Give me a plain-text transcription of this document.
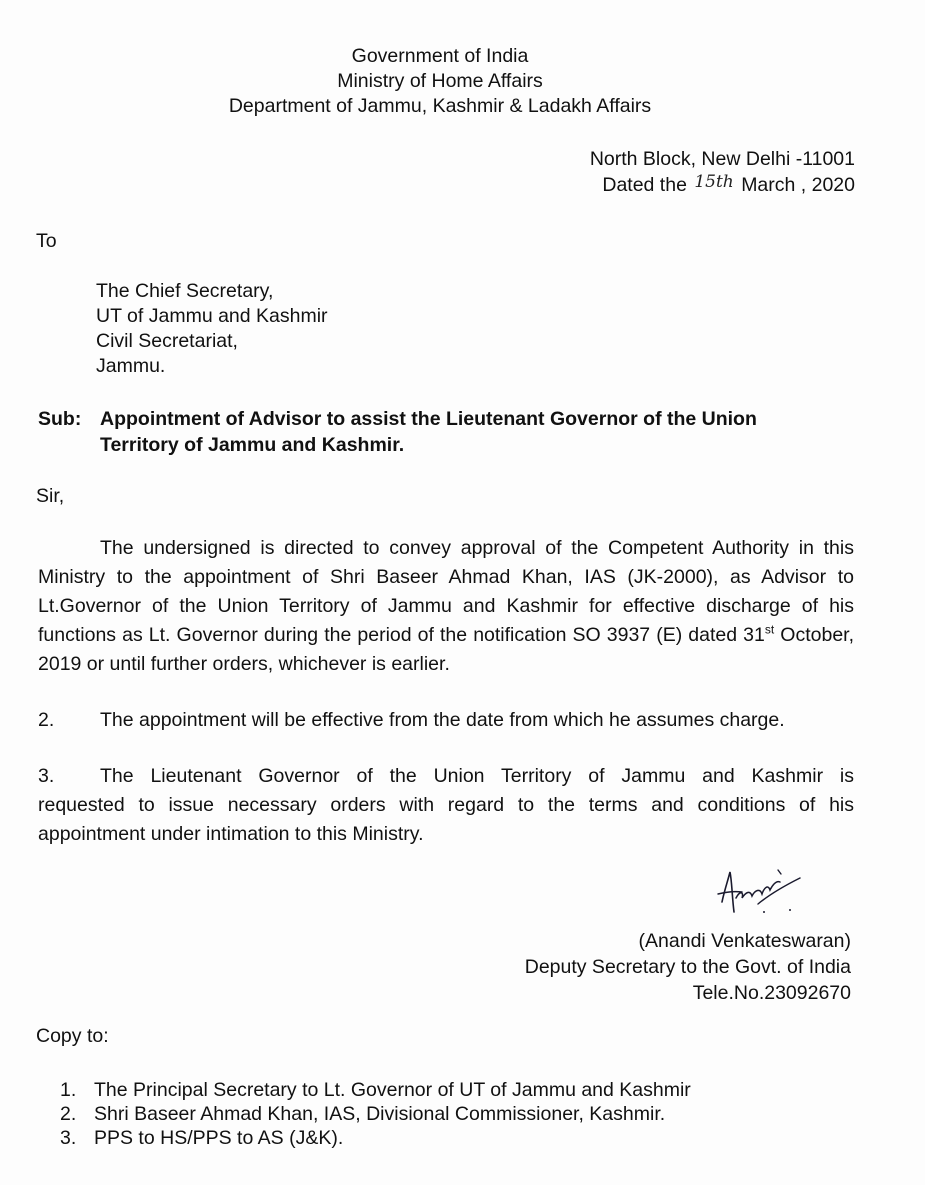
Government of India
Ministry of Home Affairs
Department of Jammu, Kashmir & Ladakh Affairs
North Block, New Delhi -11001
Dated the 15th March , 2020
To
The Chief Secretary,
UT of Jammu and Kashmir
Civil Secretariat,
Jammu.
Sub: Appointment of Advisor to assist the Lieutenant Governor of the Union
Territory of Jammu and Kashmir.
Sir,
The undersigned is directed to convey approval of the Competent Authority in this Ministry to the appointment of Shri Baseer Ahmad Khan, IAS (JK-2000), as Advisor to Lt.Governor of the Union Territory of Jammu and Kashmir for effective discharge of his functions as Lt. Governor during the period of the notification SO 3937 (E) dated 31st October, 2019 or until further orders, whichever is earlier.
2. The appointment will be effective from the date from which he assumes charge.
3. The Lieutenant Governor of the Union Territory of Jammu and Kashmir is
requested to issue necessary orders with regard to the terms and conditions of his appointment under intimation to this Ministry.
(Anandi Venkateswaran)
Deputy Secretary to the Govt. of India
Tele.No.23092670
Copy to:
1. The Principal Secretary to Lt. Governor of UT of Jammu and Kashmir
2. Shri Baseer Ahmad Khan, IAS, Divisional Commissioner, Kashmir.
3. PPS to HS/PPS to AS (J&K).
